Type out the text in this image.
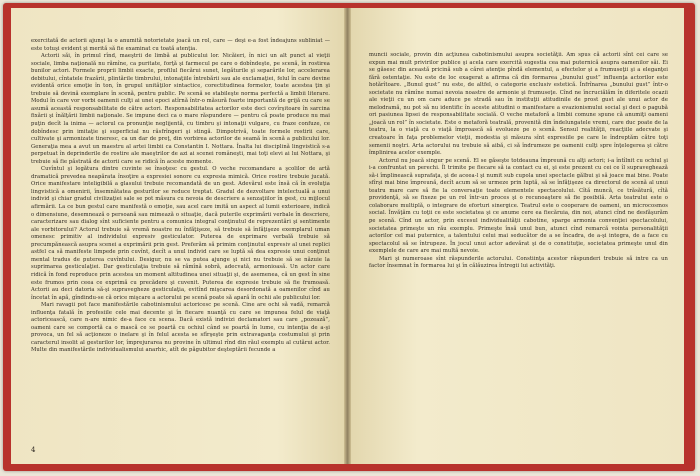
exercitată de actorii ajunşi la o anumită notorietate joacă un rol, care — deşi e-a fost îndeajuns subliniat — este totuşi evident şi merită să fie examinat cu toată atenţia.

Actorii săi, în primul rînd, maeştrii de limbă ai publicului lor. Nicăieri, în nici un alt punct al vieţii sociale, limba naţională nu rămîne, ca puritate, forţă şi farmecul pe care o dobîndeşte, pe scenă, în rostirea bunilor actori. Formele proprii limbii exacte, profilul fiecărui sunet, legăturile şi separările lor, accelerarea debitului, cîntatele frazării, plintările timbrului, intonaţiile întrebării sau ale exclamaţiei, felul în care devine evidentă orice emoţie în ton, în grupul unităţilor sintactice, corectitudinea formelor, toate acestea ţin şi trebuie să devină exemplare în scenă, pentru public. Pe scenă se stabileşte norma perfectă a limbii literare. Modul în care vor vorbi oamenii culţi ai unei epoci atîrnă într-o măsură foarte importantă de grijă cu care se asumă această responsabilitate de către actori. Responsabilitatea actorilor este deci covîrşitoare în sarcina fixării şi înălţării limbii naţionale. Se impune deci ca o mare răspundere — pentru că poate produce nu mai puţin decît la inima — actorul ca pronunţie neglijentă, cu timbru şi intonaţii vulgare, cu fraze confuze, ce dobîndesc prin imitaţie şi superficial nu răsfrîngeri şi stingă. Dimpotrivă, toate formele rostirii care, cultivate şi armonizate tineresc, ca un dar de preţ, din vorbirea actorilor de seamă în scenă a publicului lor. Generaţia mea a avut un maestru al artei limbii ca Constantin I. Nottara. Înalta lui disciplină lingvistică s-a perpetuat în deprinderile de rostire ale maeştrilor de azi ai scenei româneşti, mai toţi elevi ai lui Nottara, şi trebuie să fie păstrată de actorii care se ridică în aceste momente.

Cuvîntul şi legătura dintre cuvinte se însoţesc cu gestul. O veche recomandare a şcolilor de artă dramatică prevedea neapărata însoţire a expresiei sonore cu expresia mimică. Orice rostire trebuie jucată. Orice manifestare inteligibilă a glasului trebuie recomandată de un gest. Adevărul este însă că în evoluţia lingvistică a omenirii, însemnătatea gesturilor se reduce treptat. Gradul de dezvoltare intelectuală a unui individ şi chiar gradul civilizaţiei sale se pot măsura cu nevoia de descriere a senzaţiilor în gest, cu mijlocul afirmării. La ce bun gestul care manifestă o emoţie, sau acel care imită un aspect al lumii exterioare, indică o dimensiune, desemnează o persoană sau mimează o situaţie, dacă puterile exprimării verbale în descriere, caracterizare sau dialog sînt suficiente pentru a comunica integral conţinutul de reprezentări şi sentimente ale vorbitorului? Actorul trebuie să vremă noastre nu înfăţişeze, să trebuie să înfăţişeze exemplarul uman omenesc primitiv al individului expresiv gesticulator. Puterea de exprimare verbală trebuie să precumpănească asupra scenei a exprimării prin gest. Preferăm să primim conţinutul expresiv al unei replici astfel ca să manifeste limpede prin cuvînt, decît a unul individ care se luptă să dea expresie unui conţinut mental tradus de puterea cuvîntului. Desigur, nu se va putea ajunge şi nici nu trebuie să se năzuie la suprimarea gesticulaţiei. Dar gesticulaţia trebuie să rămînă sobră, adecvată, armonioasă. Un actor care ridică în fond reproduce prin acestea un moment altitudinea unei situaţii şi, de asemenea, că un gest în sine este frumos prin ceea ce exprimă cu precădere şi cuvenit. Puterea de expresie trebuie să fie frumoasă. Actorii au deci datoria să-şi supravegheze gesticulaţia, evitînd mişcarea desordonată a oamenilor cînd au încetat în apă, gîndindu-se că orice mişcare a actorului pe scenă poate să apară în ochii ale publicului lor.

Mari ravagii pot face manifestările cabotinismului actoricesc pe scenă. Cine are ochi să vadă, remarcă influenţa fatală în profesiile cele mai decente şi în fiecare nuanţă cu care se impunea felul de viaţă actoricească, care n-are nimic de-a face cu scena. Dacă există indivizi declamatori sau care „pozează”, oameni care se comportă ca o mască ce se poartă cu ochiul când se poartă în lume, cu intenţia de a-şi provoca, un fel să acţioneze o inelare şi în felul acesta se sfîrşeşte prin extravaganţa costumului şi prin caracterul insolit al gesturilor lor, împrejurarea nu provine în ultimul rînd din răul exemplu al cutărui actor. Multe din manifestările individualismului anarhic, atît de păgubitor deşteptării fecunde a

4

muncii sociale, provin din acţiunea cabotinismului asupra societăţii. Am spus că actorii sînt cei care se expun mai mult privirilor publice şi acela care exercită sugestia cea mai puternică asupra oamenilor săi. Ei se găsesc din această pricină sub a cărei atenţie pîndă elementul, a efectelor şi a frumuseţii şi a eleganţei fără ostentaţie. Nu este de loc exagerat a afirma că din formarea „bunului gust” influenţa actorilor este hotărîtoare. „Bunul gust” nu este, de altfel, o categorie exclusiv estetică. Înfrînarea „bunului gust” într-o societate nu rămîne numai nevoia noastre de armonie şi frumuseţe. Cînd ne încruciălăm în diferitele ocazii ale vieţii cu un om care aduce pe stradă sau în instituţii atitudinile de prost gust ale unui actor de melodramă, nu pot să nu identific în aceste atitudini o manifestare a evazionismului social şi deci o pagubă ori pasiunea lipsei de responsabilitate socială. O veche metaforă a limbii comune spune că anumiţi oameni „joacă un rol” în societate. Este o metaforă teatrală, provenită din îndelungatele vremi, care duc poate de la teatru, la o viaţă cu o viaţă împroască să evolueze pe o scenă. Sensul realităţii, reacţiile adecvate şi creatoare în faţa problemelor vieţii, modestia şi măsura sînt expresiile pe care le îndreptăm către toţi semenii noştri. Arta actorului nu trebuie să aibă, ci să îndrumeze pe oamenii culţi spre înţelegerea şi către împlinirea acelor exemple.

Actorul nu joacă singur pe scenă. El se găseşte totdeauna împreună cu alţi actori; i-a întîlnit cu ochiul şi i-a confruntat un perechi. Îl trimite pe fiecare să ia contact cu ei, şi este prezent cu cei ce îl supraveghează să-i împlinească suprafaţa, şi de aceea-l şi numit sub cupola unei spectacle gălbui şi să joace mai bine. Poate sfîrşi mai bine împreună, decît acum să se urmeze prin luptă, să se înfăţişeze ca directorul de scenă al unui teatru mare care să fie la conversaţie toate elementele spectacolului. Cîtă muncă, ce trăsătură, cîtă providenţă, să se fixeze pe un rol într-un proces şi o recunoaştere să fie posibilă. Arta teatrului este o colaborare multiplă, o integrare de eforturi sinergice. Teatrul este o cooperare de oameni, un microcosmos social. Învăţăm cu toţii ce este societatea şi ce anume cere ea fiecăruia, din noi, atunci cînd ne desfăşurăm pe scenă. Cînd un actor, prin excesul individualităţii cabotine, sparge armonia convenţiei spectacolului, societatea primeşte un rău exemplu. Primeşte însă unul bun, atunci cînd remarcă vointa personalităţii actorilor cel mai puternice, a talentului celui mai seducător de a se încadra, de a-şi integra, de a face cu spectacolul să se întrupeze. În jocul unui actor adevărat şi de o constituţie, societatea primeşte unul din exemplele de care are mai multă nevoie.

Mari şi numeroase sînt răspunderile actorului. Constiinţa acestor răspunderi trebuie să intre ca un factor însemnat în formarea lui şi în călăuzirea întregii lui activităţi.
